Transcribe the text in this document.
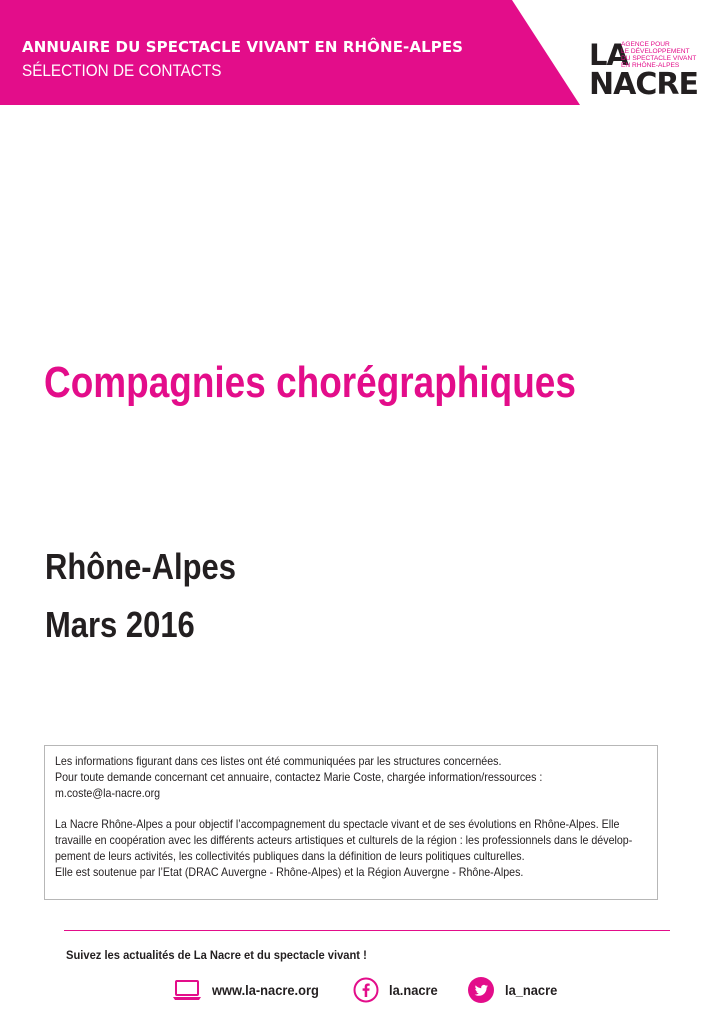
ANNUAIRE DU SPECTACLE VIVANT EN RHÔNE-ALPES
SÉLECTION DE CONTACTS	LA
AGENCE POUR
LE DÉVELOPPEMENT
DU SPECTACLE VIVANT
EN RHÔNE-ALPES
NACRE
Compagnies chorégraphiques
Rhône-Alpes
Mars 2016

Les informations figurant dans ces listes ont été communiquées par les structures concernées.

Pour toute demande concernant cet annuaire, contactez Marie Coste, chargée information/ressources :

m.coste@la-nacre.org

La Nacre Rhône-Alpes a pour objectif l’accompagnement du spectacle vivant et de ses évolutions en Rhône-Alpes. Elle

travaille en coopération avec les différents acteurs artistiques et culturels de la région : les professionnels dans le dévelop-

pement de leurs activités, les collectivités publiques dans la définition de leurs politiques culturelles.

Elle est soutenue par l’Etat (DRAC Auvergne - Rhône-Alpes) et la Région Auvergne - Rhône-Alpes.

Suivez les actualités de La Nacre et du spectacle vivant !
www.la-nacre.org	la.nacre	la_nacre
